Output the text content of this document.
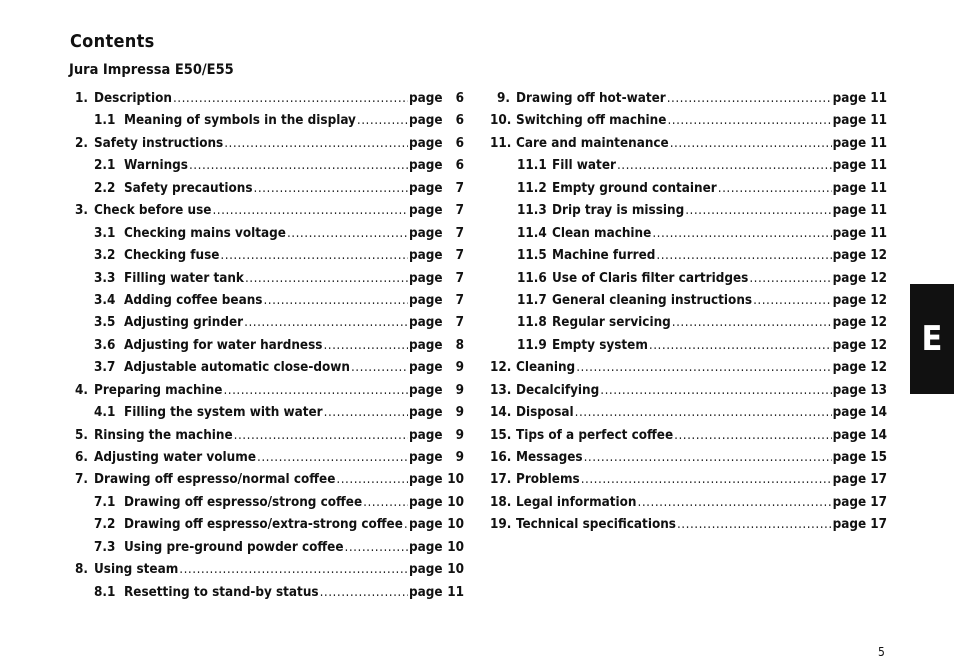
Contents
Jura Impressa E50/E55
1. Description .....	page 6
1.1 Meaning of symbols in the display .....	page 6
2. Safety instructions .....	page 6
2.1 Warnings .....	page 6
2.2 Safety precautions .....	page 7
3. Check before use .....	page 7
3.1 Checking mains voltage .....	page 7
3.2 Checking fuse .....	page 7
3.3 Filling water tank .....	page 7
3.4 Adding coffee beans .....	page 7
3.5 Adjusting grinder .....	page 7
3.6 Adjusting for water hardness .....	page 8
3.7 Adjustable automatic close-down .....	page 9
4. Preparing machine .....	page 9
4.1 Filling the system with water .....	page 9
5. Rinsing the machine .....	page 9
6. Adjusting water volume .....	page 9
7. Drawing off espresso/normal coffee .....	page 10
7.1 Drawing off espresso/strong coffee .....	page 10
7.2 Drawing off espresso/extra-strong coffee ..... page 10
7.3 Using pre-ground powder coffee .....	page 10
8. Using steam .....	page 10
8.1 Resetting to stand-by status .....	page 11
9. Drawing off hot-water .....	page 11
10. Switching off machine .....	page 11
11. Care and maintenance .....	page 11
11.1 Fill water .....	page 11
11.2 Empty ground container .....	page 11
11.3 Drip tray is missing .....	page 11
11.4 Clean machine .....	page 11
11.5 Machine furred .....	page 12
11.6 Use of Claris filter cartridges .....	page 12
11.7 General cleaning instructions .....	page 12
11.8 Regular servicing .....	page 12
11.9 Empty system .....	page 12
12. Cleaning .....	page 12
13. Decalcifying .....	page 13
14. Disposal .....	page 14
15. Tips of a perfect coffee .....	page 14
16. Messages .....	page 15
17. Problems .....	page 17
18. Legal information .....	page 17
19. Technical specifications .....	page 17
E
5
